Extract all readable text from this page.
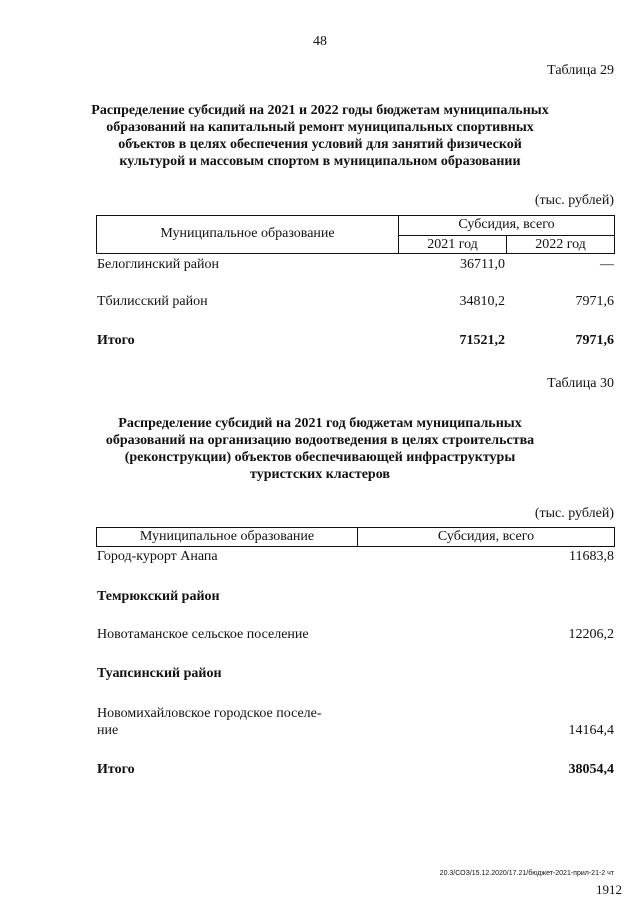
48
Таблица 29
Распределение субсидий на 2021 и 2022 годы бюджетам муниципальных
образований на капитальный ремонт муниципальных спортивных
объектов в целях обеспечения условий для занятий физической
культурой и массовым спортом в муниципальном образовании
(тыс. рублей)
Муниципальное образование
Субсидия, всего
2021 год	2022 год
Белоглинский район	36711,0	—
Тбилисский район	34810,2	7971,6
Итого	71521,2	7971,6
Таблица 30
Распределение субсидий на 2021 год бюджетам муниципальных
образований на организацию водоотведения в целях строительства
(реконструкции) объектов обеспечивающей инфраструктуры
туристских кластеров
(тыс. рублей)
Муниципальное образование	Субсидия, всего
Город-курорт Анапа	11683,8
Темрюкский район
Новотаманское сельское поселение	12206,2
Туапсинский район
Новомихайловское городское поселе-
ние	14164,4
Итого	38054,4
20.3/СОЗ/15.12.2020/17.21/бюджет-2021-прил-21-2 чт
1912
